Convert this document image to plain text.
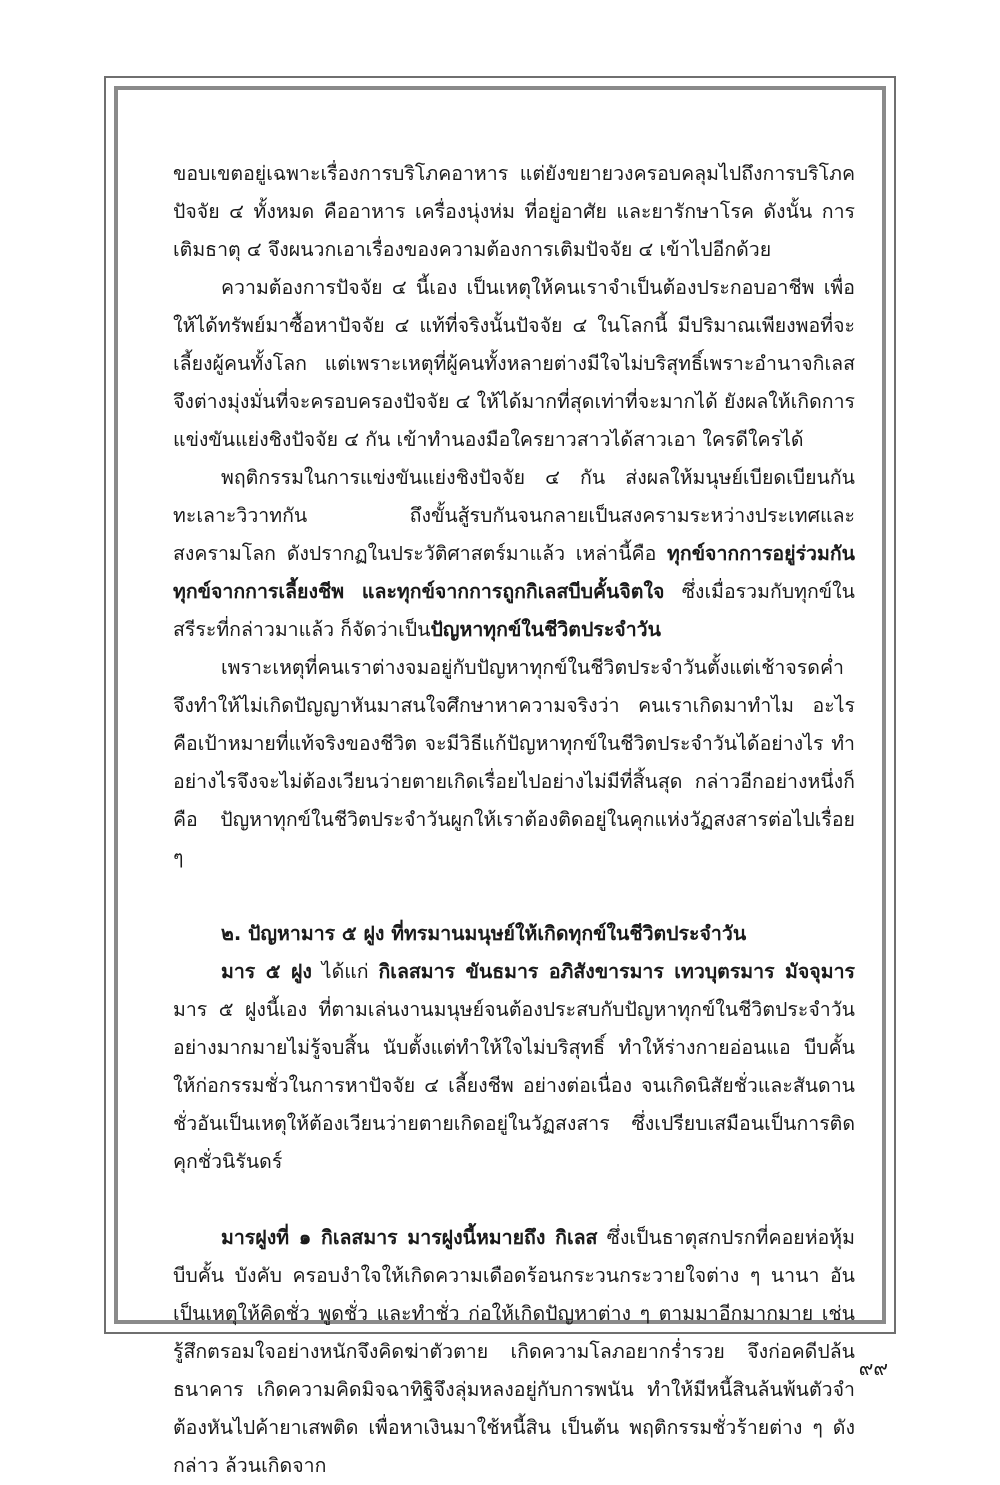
ขอบเขตอยู่เฉพาะเรื่องการบริโภคอาหาร แต่ยังขยายวงครอบคลุมไปถึงการบริโภคปัจจัย ๔ ทั้งหมด คืออาหาร เครื่องนุ่งห่ม ที่อยู่อาศัย และยารักษาโรค ดังนั้น การเติมธาตุ ๔ จึงผนวกเอาเรื่องของความต้องการเติมปัจจัย ๔ เข้าไปอีกด้วย

ความต้องการปัจจัย ๔ นี้เอง เป็นเหตุให้คนเราจำเป็นต้องประกอบอาชีพ เพื่อให้ได้ทรัพย์มาซื้อหาปัจจัย ๔ แท้ที่จริงนั้นปัจจัย ๔ ในโลกนี้ มีปริมาณเพียงพอที่จะเลี้ยงผู้คนทั้งโลก แต่เพราะเหตุที่ผู้คนทั้งหลายต่างมีใจไม่บริสุทธิ์เพราะอำนาจกิเลส จึงต่างมุ่งมั่นที่จะครอบครองปัจจัย ๔ ให้ได้มากที่สุดเท่าที่จะมากได้ ยังผลให้เกิดการแข่งขันแย่งชิงปัจจัย ๔ กัน เข้าทำนองมือใครยาวสาวได้สาวเอา ใครดีใครได้

พฤติกรรมในการแข่งขันแย่งชิงปัจจัย ๔ กัน ส่งผลให้มนุษย์เบียดเบียนกัน ทะเลาะวิวาทกัน ถึงขั้นสู้รบกันจนกลายเป็นสงครามระหว่างประเทศและสงครามโลก ดังปรากฏในประวัติศาสตร์มาแล้ว เหล่านี้คือ ทุกข์จากการอยู่ร่วมกัน ทุกข์จากการเลี้ยงชีพ และทุกข์จากการถูกกิเลสบีบคั้นจิตใจ ซึ่งเมื่อรวมกับทุกข์ในสรีระที่กล่าวมาแล้ว ก็จัดว่าเป็นปัญหาทุกข์ในชีวิตประจำวัน

เพราะเหตุที่คนเราต่างจมอยู่กับปัญหาทุกข์ในชีวิตประจำวันตั้งแต่เช้าจรดค่ำ จึงทำให้ไม่เกิดปัญญาหันมาสนใจศึกษาหาความจริงว่า คนเราเกิดมาทำไม อะไรคือเป้าหมายที่แท้จริงของชีวิต จะมีวิธีแก้ปัญหาทุกข์ในชีวิตประจำวันได้อย่างไร ทำอย่างไรจึงจะไม่ต้องเวียนว่ายตายเกิดเรื่อยไปอย่างไม่มีที่สิ้นสุด กล่าวอีกอย่างหนึ่งก็คือ ปัญหาทุกข์ในชีวิตประจำวันผูกให้เราต้องติดอยู่ในคุกแห่งวัฏสงสารต่อไปเรื่อย ๆ

๒. ปัญหามาร ๕ ฝูง ที่ทรมานมนุษย์ให้เกิดทุกข์ในชีวิตประจำวัน

มาร ๕ ฝูง ได้แก่ กิเลสมาร ขันธมาร อภิสังขารมาร เทวบุตรมาร มัจจุมาร มาร ๕ ฝูงนี้เอง ที่ตามเล่นงานมนุษย์จนต้องประสบกับปัญหาทุกข์ในชีวิตประจำวันอย่างมากมายไม่รู้จบสิ้น นับตั้งแต่ทำให้ใจไม่บริสุทธิ์ ทำให้ร่างกายอ่อนแอ บีบคั้นให้ก่อกรรมชั่วในการหาปัจจัย ๔ เลี้ยงชีพ อย่างต่อเนื่อง จนเกิดนิสัยชั่วและสันดานชั่วอันเป็นเหตุให้ต้องเวียนว่ายตายเกิดอยู่ในวัฏสงสาร ซึ่งเปรียบเสมือนเป็นการติดคุกชั่วนิรันดร์

มารฝูงที่ ๑ กิเลสมาร มารฝูงนี้หมายถึง กิเลส ซึ่งเป็นธาตุสกปรกที่คอยห่อหุ้มบีบคั้น บังคับ ครอบงำใจให้เกิดความเดือดร้อนกระวนกระวายใจต่าง ๆ นานา อันเป็นเหตุให้คิดชั่ว พูดชั่ว และทำชั่ว ก่อให้เกิดปัญหาต่าง ๆ ตามมาอีกมากมาย เช่น รู้สึกตรอมใจอย่างหนักจึงคิดฆ่าตัวตาย เกิดความโลภอยากร่ำรวย จึงก่อคดีปล้นธนาคาร เกิดความคิดมิจฉาทิฐิจึงลุ่มหลงอยู่กับการพนัน ทำให้มีหนี้สินล้นพ้นตัวจำต้องหันไปค้ายาเสพติด เพื่อหาเงินมาใช้หนี้สิน เป็นต้น พฤติกรรมชั่วร้ายต่าง ๆ ดังกล่าว ล้วนเกิดจาก

๙๙
